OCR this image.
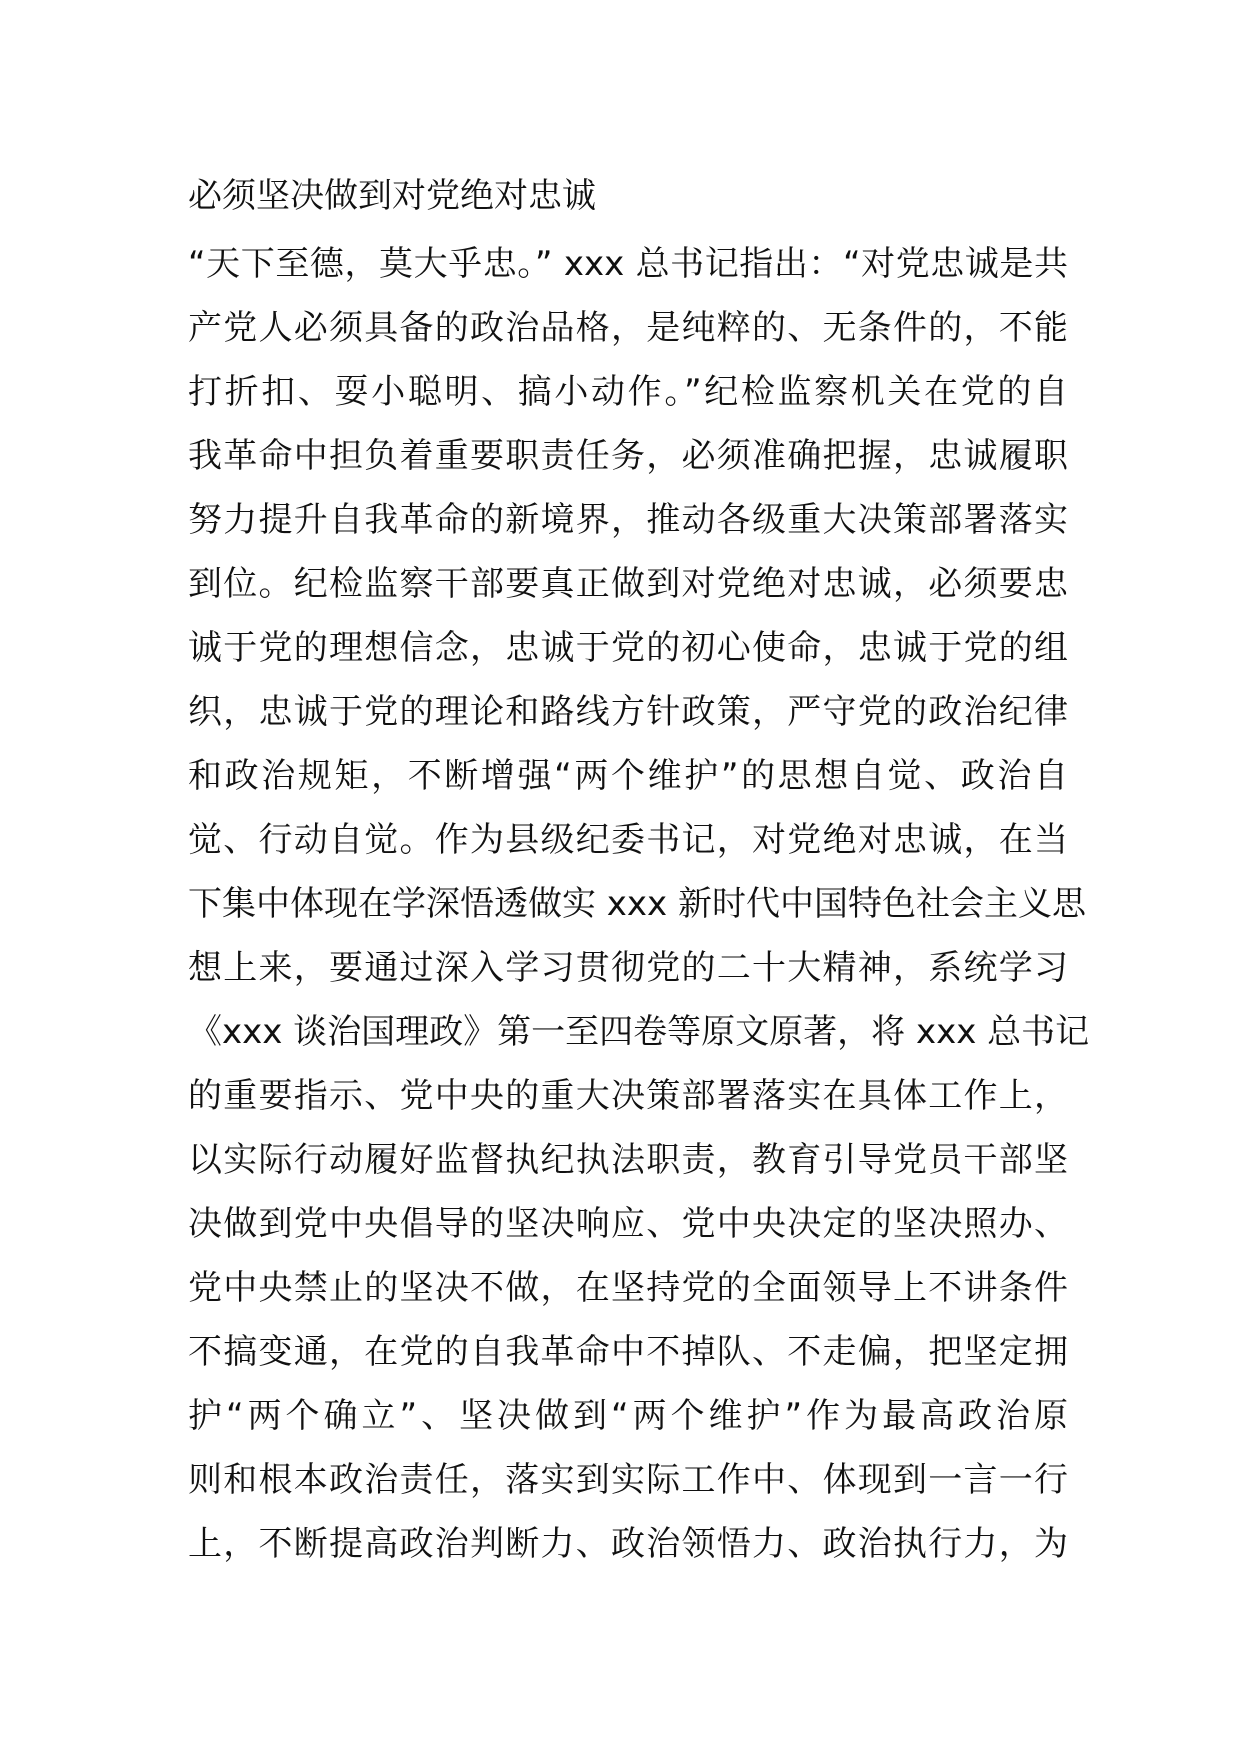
必须坚决做到对党绝对忠诚
“天下至德，莫大乎忠。” xxx 总书记指出：“对党忠诚是共
产党人必须具备的政治品格，是纯粹的、无条件的，不能
打折扣、耍小聪明、搞小动作。”纪检监察机关在党的自
我革命中担负着重要职责任务，必须准确把握，忠诚履职
努力提升自我革命的新境界，推动各级重大决策部署落实
到位。纪检监察干部要真正做到对党绝对忠诚，必须要忠
诚于党的理想信念，忠诚于党的初心使命，忠诚于党的组
织，忠诚于党的理论和路线方针政策，严守党的政治纪律
和政治规矩，不断增强“两个维护”的思想自觉、政治自
觉、行动自觉。作为县级纪委书记，对党绝对忠诚，在当
下集中体现在学深悟透做实 xxx 新时代中国特色社会主义思
想上来，要通过深入学习贯彻党的二十大精神，系统学习
《xxx 谈治国理政》第一至四卷等原文原著，将 xxx 总书记
的重要指示、党中央的重大决策部署落实在具体工作上，
以实际行动履好监督执纪执法职责，教育引导党员干部坚
决做到党中央倡导的坚决响应、党中央决定的坚决照办、
党中央禁止的坚决不做，在坚持党的全面领导上不讲条件
不搞变通，在党的自我革命中不掉队、不走偏，把坚定拥
护“两个确立”、坚决做到“两个维护”作为最高政治原
则和根本政治责任，落实到实际工作中、体现到一言一行
上，不断提高政治判断力、政治领悟力、政治执行力，为
